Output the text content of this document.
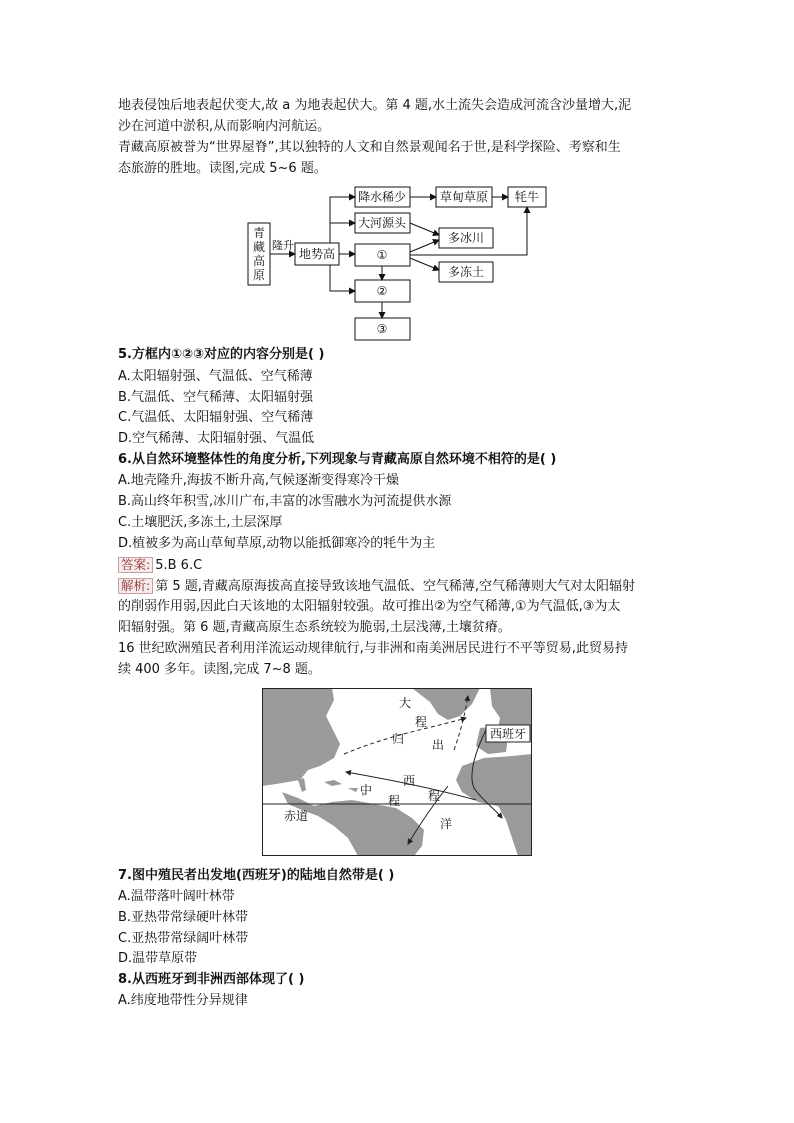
地表侵蚀后地表起伏变大,故 a 为地表起伏大。第 4 题,水土流失会造成河流含沙量增大,泥
沙在河道中淤积,从而影响内河航运。
青藏高原被誉为“世界屋脊”,其以独特的人文和自然景观闻名于世,是科学探险、考察和生
态旅游的胜地。读图,完成 5~6 题。
青
藏
高
原
隆升
地势高
降水稀少	草甸草原 牦牛
大河源头
多冰川
多冻土
①
②
③
5.方框内①②③对应的内容分别是( )
A.太阳辐射强、气温低、空气稀薄
B.气温低、空气稀薄、太阳辐射强
C.气温低、太阳辐射强、空气稀薄
D.空气稀薄、太阳辐射强、气温低
6.从自然环境整体性的角度分析,下列现象与青藏高原自然环境不相符的是( )
A.地壳隆升,海拔不断升高,气候逐渐变得寒冷干燥
B.高山终年积雪,冰川广布,丰富的冰雪融水为河流提供水源
C.土壤肥沃,多冻土,土层深厚
D.植被多为高山草甸草原,动物以能抵御寒冷的牦牛为主
答案: 5.B 6.C
解析: 第 5 题,青藏高原海拔高直接导致该地气温低、空气稀薄,空气稀薄则大气对太阳辐射
的削弱作用弱,因此白天该地的太阳辐射较强。故可推出②为空气稀薄,①为气温低,③为太
阳辐射强。第 6 题,青藏高原生态系统较为脆弱,土层浅薄,土壤贫瘠。
16 世纪欧洲殖民者利用洋流运动规律航行,与非洲和南美洲居民进行不平等贸易,此贸易持
续 400 多年。读图,完成 7~8 题。
大
程
归 出
中
西
程 程
赤道
洋
西班牙
7.图中殖民者出发地(西班牙)的陆地自然带是( )
A.温带落叶阔叶林带
B.亚热带常绿硬叶林带
C.亚热带常绿阔叶林带
D.温带草原带
8.从西班牙到非洲西部体现了( )
A.纬度地带性分异规律
